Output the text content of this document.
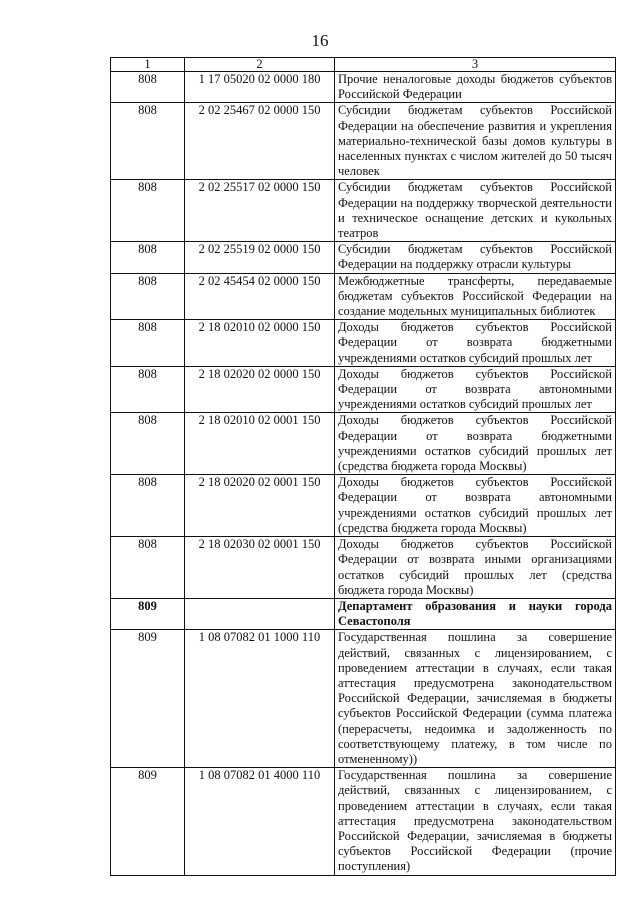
16
1	2	3
808	1 17 05020 02 0000 180	Прочие неналоговые доходы бюджетов субъектов Российской Федерации
808	2 02 25467 02 0000 150	Субсидии бюджетам субъектов Российской Федерации на обеспечение развития и укрепления материально-технической базы домов культуры в населенных пунктах с числом жителей до 50 тысяч человек
808	2 02 25517 02 0000 150	Субсидии бюджетам субъектов Российской Федерации на поддержку творческой деятельности и техническое оснащение детских и кукольных театров
808	2 02 25519 02 0000 150	Субсидии бюджетам субъектов Российской Федерации на поддержку отрасли культуры
808	2 02 45454 02 0000 150	Межбюджетные трансферты, передаваемые бюджетам субъектов Российской Федерации на создание модельных муниципальных библиотек
808	2 18 02010 02 0000 150	Доходы бюджетов субъектов Российской Федерации от возврата бюджетными учреждениями остатков субсидий прошлых лет
808	2 18 02020 02 0000 150	Доходы бюджетов субъектов Российской Федерации от возврата автономными учреждениями остатков субсидий прошлых лет
808	2 18 02010 02 0001 150	Доходы бюджетов субъектов Российской Федерации от возврата бюджетными учреждениями остатков субсидий прошлых лет (средства бюджета города Москвы)
808	2 18 02020 02 0001 150	Доходы бюджетов субъектов Российской Федерации от возврата автономными учреждениями остатков субсидий прошлых лет (средства бюджета города Москвы)
808	2 18 02030 02 0001 150	Доходы бюджетов субъектов Российской Федерации от возврата иными организациями остатков субсидий прошлых лет (средства бюджета города Москвы)
809		Департамент образования и науки города Севастополя
809	1 08 07082 01 1000 110	Государственная пошлина за совершение действий, связанных с лицензированием, с проведением аттестации в случаях, если такая аттестация предусмотрена законодательством Российской Федерации, зачисляемая в бюджеты субъектов Российской Федерации (сумма платежа (перерасчеты, недоимка и задолженность по соответствующему платежу, в том числе по отмененному))
809	1 08 07082 01 4000 110	Государственная пошлина за совершение действий, связанных с лицензированием, с проведением аттестации в случаях, если такая аттестация предусмотрена законодательством Российской Федерации, зачисляемая в бюджеты субъектов Российской Федерации (прочие поступления)
